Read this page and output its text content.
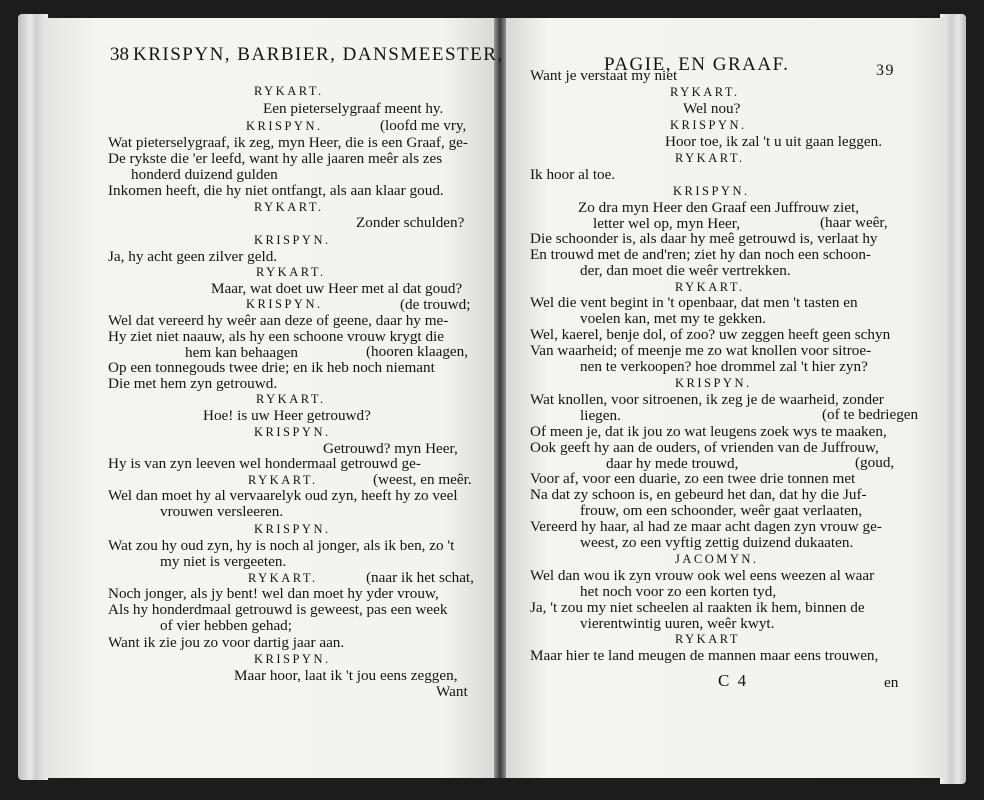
38 KRISPYN, BARBIER, DANSMEESTER,	PAGIE, EN GRAAF.	39
RYKART.
Een pieterselygraaf meent hy.
KRISPYN.	(loofd me vry,
Wat pieterselygraaf, ik zeg, myn Heer, die is een Graaf, ge-
De rykste die 'er leefd, want hy alle jaaren meêr als zes
honderd duizend gulden
Inkomen heeft, die hy niet ontfangt, als aan klaar goud.
RYKART.
Zonder schulden?
KRISPYN.
Ja, hy acht geen zilver geld.
RYKART.
Maar, wat doet uw Heer met al dat goud?
KRISPYN.	(de trouwd;
Wel dat vereerd hy weêr aan deze of geene, daar hy me-
Hy ziet niet naauw, als hy een schoone vrouw krygt die
hem kan behaagen	(hooren klaagen,
Op een tonnegouds twee drie; en ik heb noch niemant
Die met hem zyn getrouwd.
RYKART.
Hoe! is uw Heer getrouwd?
KRISPYN.
Getrouwd? myn Heer,
Hy is van zyn leeven wel hondermaal getrouwd ge-
RYKART.	(weest, en meêr.
Wel dan moet hy al vervaarelyk oud zyn, heeft hy zo veel
vrouwen versleeren.
KRISPYN.
Wat zou hy oud zyn, hy is noch al jonger, als ik ben, zo 't
my niet is vergeeten.
RYKART.	(naar ik het schat,
Noch jonger, als jy bent! wel dan moet hy yder vrouw,
Als hy honderdmaal getrouwd is geweest, pas een week
of vier hebben gehad;
Want ik zie jou zo voor dartig jaar aan.
KRISPYN.
Maar hoor, laat ik 't jou eens zeggen,
Want
Want je verstaat my niet
RYKART.
Wel nou?
KRISPYN.
Hoor toe, ik zal 't u uit gaan leggen.
RYKART.
Ik hoor al toe.
KRISPYN.
Zo dra myn Heer den Graaf een Juffrouw ziet,
letter wel op, myn Heer,	(haar weêr,
Die schoonder is, als daar hy meê getrouwd is, verlaat hy
En trouwd met de and'ren; ziet hy dan noch een schoon-
der, dan moet die weêr vertrekken.
RYKART.
Wel die vent begint in 't openbaar, dat men 't tasten en
voelen kan, met my te gekken.
Wel, kaerel, benje dol, of zoo? uw zeggen heeft geen schyn
Van waarheid; of meenje me zo wat knollen voor sitroe-
nen te verkoopen? hoe drommel zal 't hier zyn?
KRISPYN.
Wat knollen, voor sitroenen, ik zeg je de waarheid, zonder
liegen.	(of te bedriegen
Of meen je, dat ik jou zo wat leugens zoek wys te maaken,
Ook geeft hy aan de ouders, of vrienden van de Juffrouw,
daar hy mede trouwd,	(goud,
Voor af, voor een duarie, zo een twee drie tonnen met
Na dat zy schoon is, en gebeurd het dan, dat hy die Juf-
frouw, om een schoonder, weêr gaat verlaaten,
Vereerd hy haar, al had ze maar acht dagen zyn vrouw ge-
weest, zo een vyftig zettig duizend dukaaten.
JACOMYN.
Wel dan wou ik zyn vrouw ook wel eens weezen al waar
het noch voor zo een korten tyd,
Ja, 't zou my niet scheelen al raakten ik hem, binnen de
vierentwintig uuren, weêr kwyt.
RYKART
Maar hier te land meugen de mannen maar eens trouwen,
C 4	en
